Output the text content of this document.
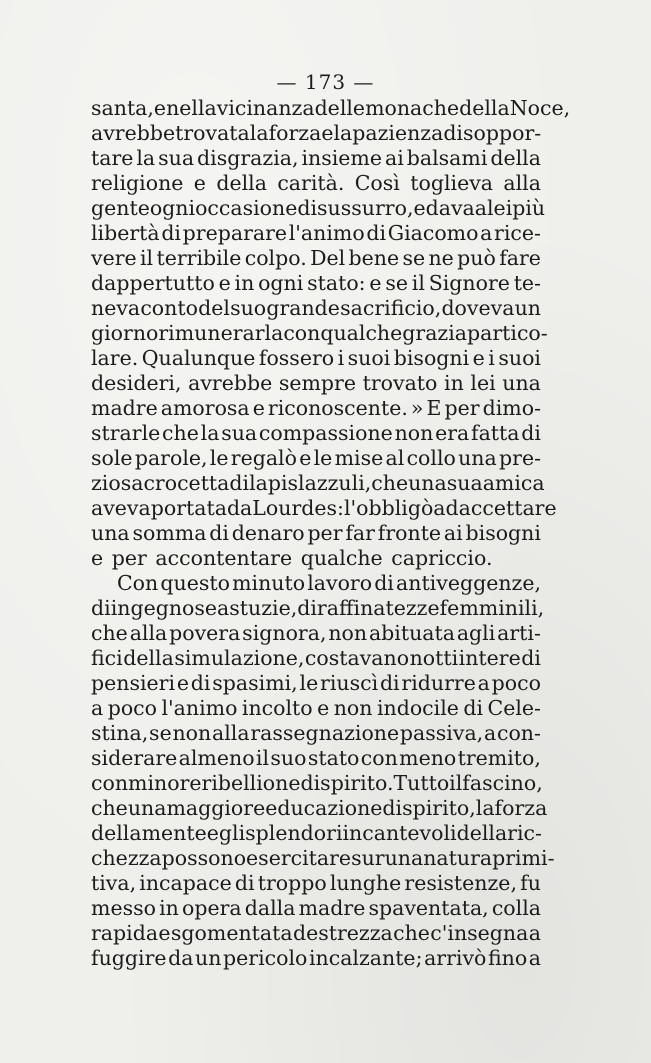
— 173 —
santa, e nella vicinanza delle monache della Noce,
avrebbe trovata la forza e la pazienza di soppor-
tare la sua disgrazia, insieme ai balsami della
religione e della carità. Così toglieva alla
gente ogni occasione di sussurro, e dava a lei più
libertà di preparare l'animo di Giacomo a rice-
vere il terribile colpo. Del bene se ne può fare
dappertutto e in ogni stato: e se il Signore te-
neva conto del suo grande sacrificio, doveva un
giorno rimunerarla con qualche grazia partico-
lare. Qualunque fossero i suoi bisogni e i suoi
desideri, avrebbe sempre trovato in lei una
madre amorosa e riconoscente. » E per dimo-
strarle che la sua compassione non era fatta di
sole parole, le regalò e le mise al collo una pre-
ziosa crocetta di lapislazzuli, che una sua amica
aveva portata da Lourdes: l'obbligò ad accettare
una somma di denaro per far fronte ai bisogni
e per accontentare qualche capriccio.
Con questo minuto lavoro di antiveggenze,
di ingegnose astuzie, di raffinatezze femminili,
che alla povera signora, non abituata agli arti-
fici della simulazione, costavano notti intere di
pensieri e di spasimi, le riuscì di ridurre a poco
a poco l'animo incolto e non indocile di Cele-
stina, se non alla rassegnazione passiva, a con-
siderare almeno il suo stato con meno tremito,
con minore ribellione di spirito. Tutto il fascino,
che una maggiore educazione di spirito, la forza
della mente e gli splendori incantevoli della ric-
chezza possono esercitare sur una natura primi-
tiva, incapace di troppo lunghe resistenze, fu
messo in opera dalla madre spaventata, colla
rapida e sgomentata destrezza che c'insegna a
fuggire da un pericolo incalzante; arrivò fino a
